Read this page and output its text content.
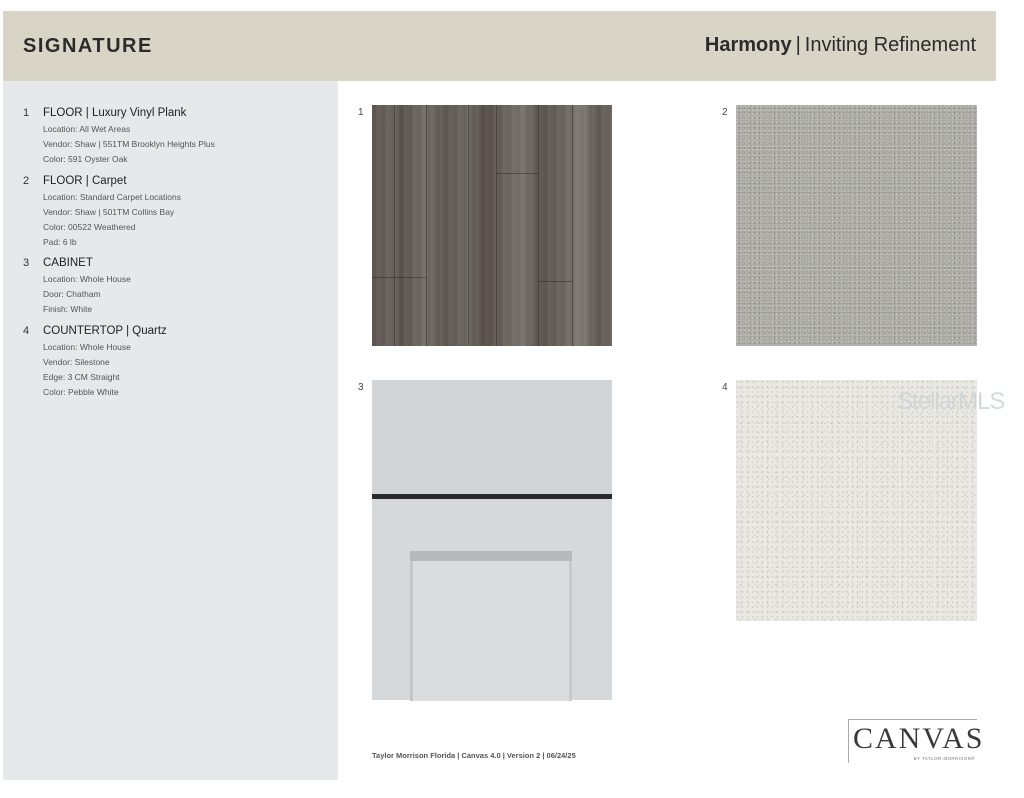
SIGNATURE	Harmony | Inviting Refinement
1 FLOOR | Luxury Vinyl Plank
Location: All Wet Areas
Vendor: Shaw | 551TM Brooklyn Heights Plus
Color: 591 Oyster Oak
2 FLOOR | Carpet
Location: Standard Carpet Locations
Vendor: Shaw | 501TM Collins Bay
Color: 00522 Weathered
Pad: 6 lb
3 CABINET
Location: Whole House
Door: Chatham
Finish: White
4 COUNTERTOP | Quartz
Location: Whole House
Vendor: Silestone
Edge: 3 CM Straight
Color: Pebble White
1	2
3	4
StellarMLS
Taylor Morrison Florida | Canvas 4.0 | Version 2 | 06/24/25
CANVAS
BY TAYLOR MORRISON®
